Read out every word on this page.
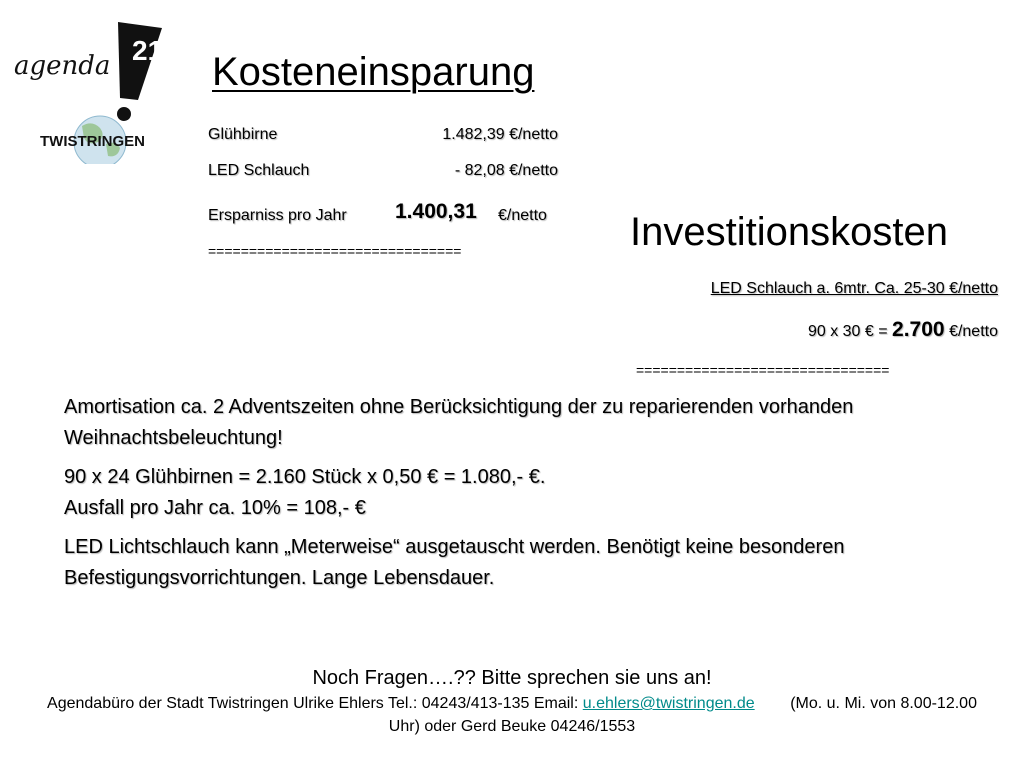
21
agenda
TWISTRINGEN
Kosteneinsparung
Glühbirne	1.482,39 €/netto
LED Schlauch	- 82,08 €/netto
Ersparniss pro Jahr 1.400,31 €/netto
===============================	Investitionskosten
LED Schlauch a. 6mtr. Ca. 25-30 €/netto
90 x 30 € = 2.700 €/netto
===============================

Amortisation ca. 2 Adventszeiten ohne Berücksichtigung der zu reparierenden vorhanden Weihnachtsbeleuchtung!

90 x 24 Glühbirnen = 2.160 Stück x 0,50 € = 1.080,- €.
Ausfall pro Jahr ca. 10% = 108,- €

LED Lichtschlauch kann „Meterweise“ ausgetauscht werden. Benötigt keine besonderen Befestigungsvorrichtungen. Lange Lebensdauer.

Noch Fragen….?? Bitte sprechen sie uns an!
Agendabüro der Stadt Twistringen Ulrike Ehlers Tel.: 04243/413-135 Email: u.ehlers@twistringen.de        (Mo. u. Mi. von 8.00-12.00 Uhr) oder Gerd Beuke 04246/1553
